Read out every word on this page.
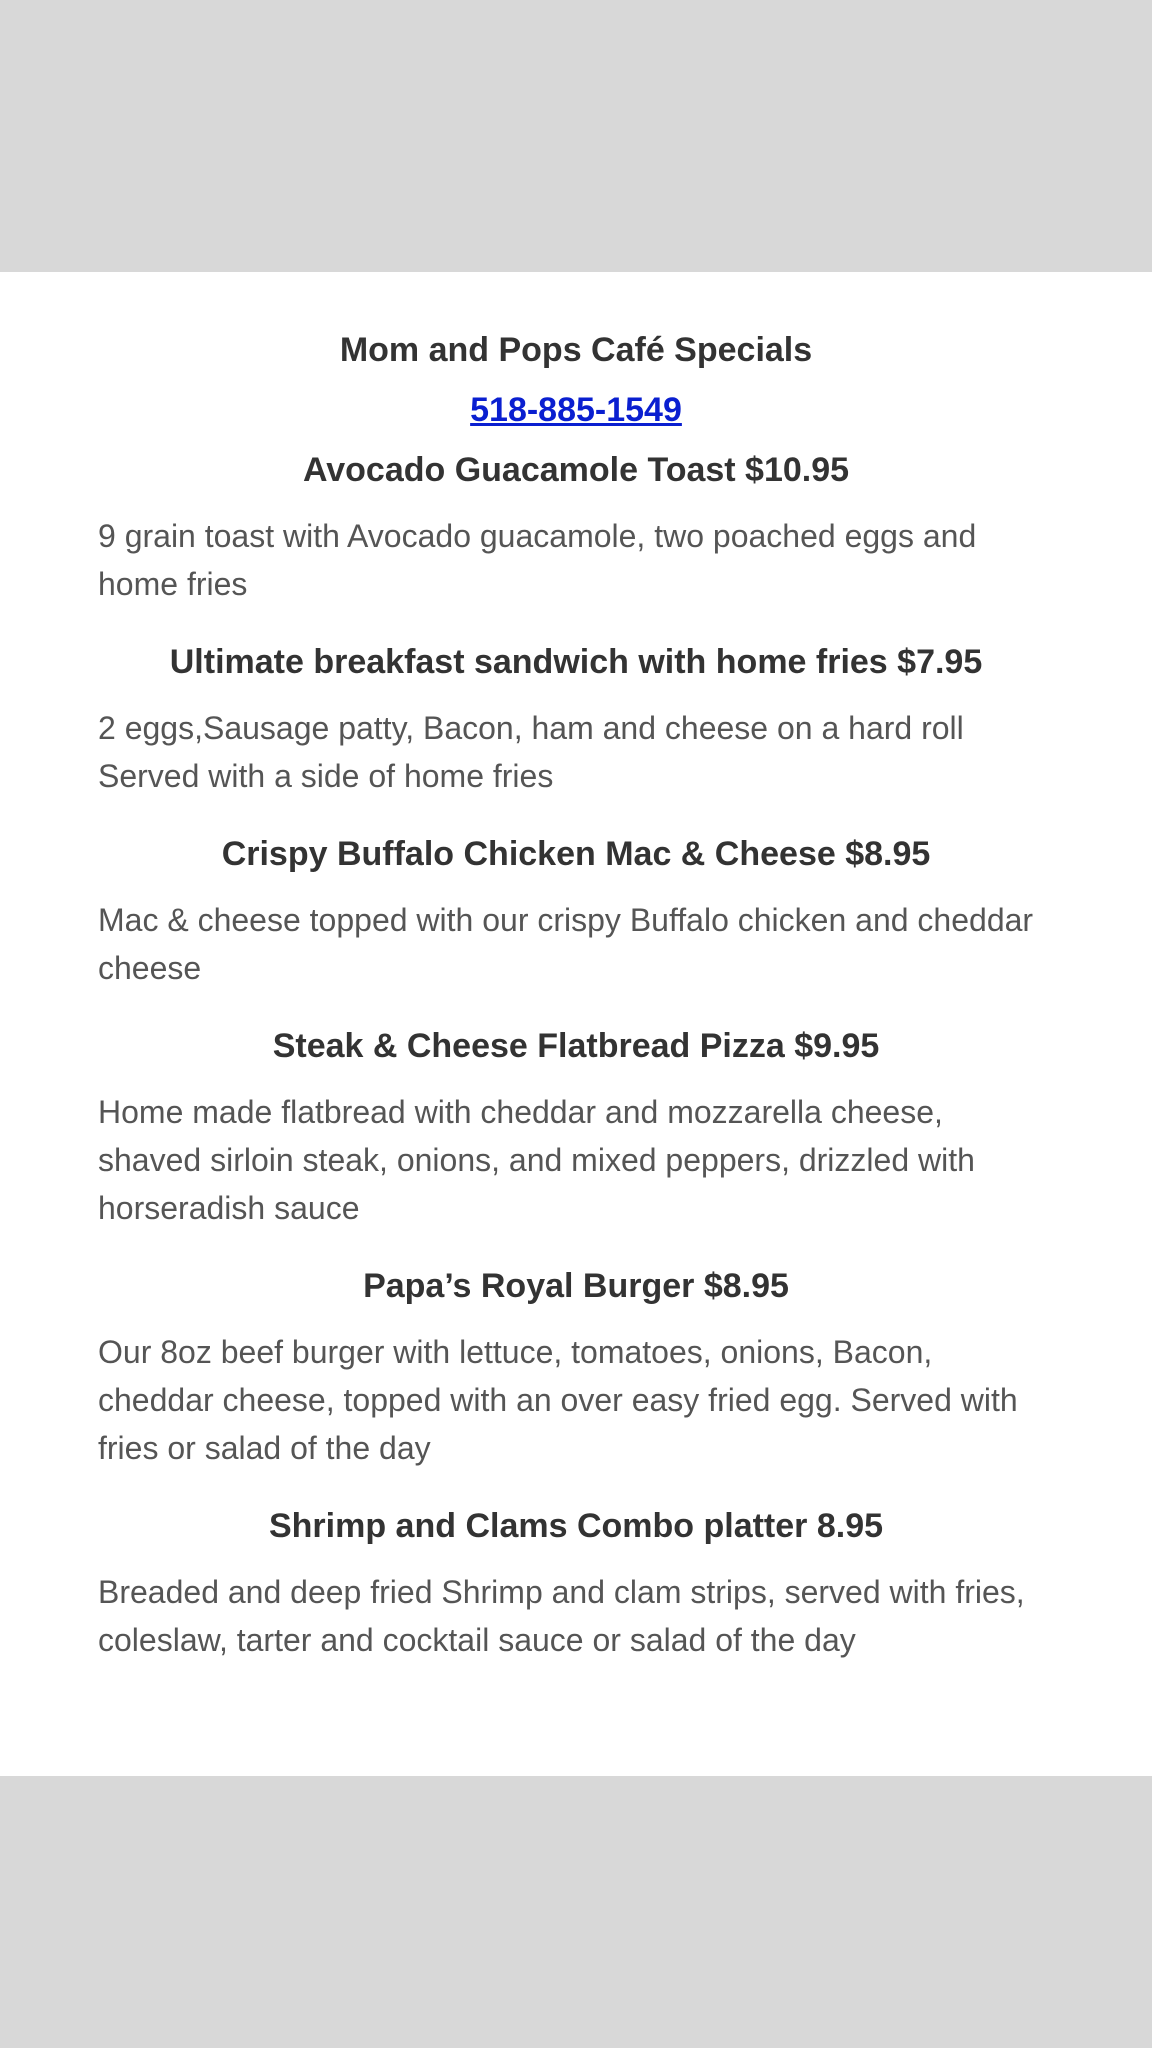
Mom and Pops Café Specials
518-885-1549
Avocado Guacamole Toast $10.95
9 grain toast with Avocado guacamole, two poached eggs and home fries
Ultimate breakfast sandwich with home fries $7.95
2 eggs,Sausage patty, Bacon, ham and cheese on a hard roll Served with a side of home fries
Crispy Buffalo Chicken Mac & Cheese $8.95
Mac & cheese topped with our crispy Buffalo chicken and cheddar cheese
Steak & Cheese Flatbread Pizza $9.95
Home made flatbread with cheddar and mozzarella cheese, shaved sirloin steak, onions, and mixed peppers, drizzled with horseradish sauce
Papa’s Royal Burger $8.95
Our 8oz beef burger with lettuce, tomatoes, onions, Bacon, cheddar cheese, topped with an over easy fried egg. Served with fries or salad of the day
Shrimp and Clams Combo platter 8.95
Breaded and deep fried Shrimp and clam strips, served with fries, coleslaw, tarter and cocktail sauce or salad of the day
